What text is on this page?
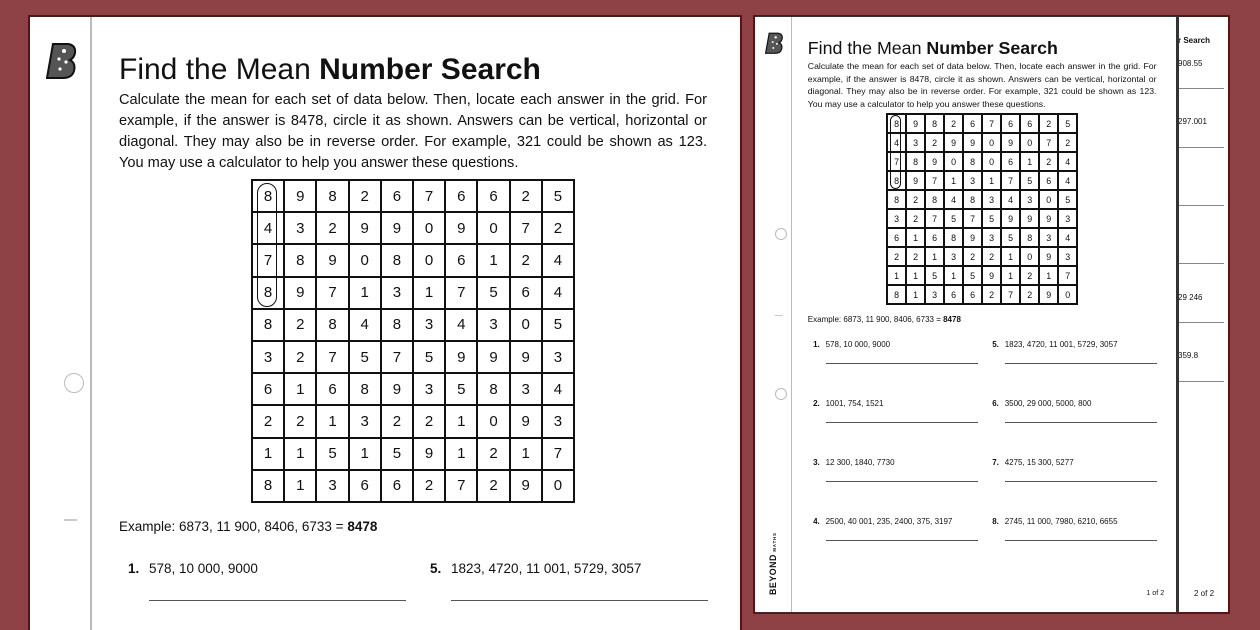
Find the Mean Number Search
Calculate the mean for each set of data below. Then, locate each answer in the grid. For example, if the answer is 8478, circle it as shown. Answers can be vertical, horizontal or diagonal. They may also be in reverse order. For example, 321 could be shown as 123. You may use a calculator to help you answer these questions.
8	9	8	2	6	7	6	6	2	5
4	3	2	9	9	0	9	0	7	2
7	8	9	0	8	0	6	1	2	4
8	9	7	1	3	1	7	5	6	4
8	2	8	4	8	3	4	3	0	5
3	2	7	5	7	5	9	9	9	3
6	1	6	8	9	3	5	8	3	4
2	2	1	3	2	2	1	0	9	3
1	1	5	1	5	9	1	2	1	7
8	1	3	6	6	2	7	2	9	0
Example: 6873, 11 900, 8406, 6733 = 8478
1. 578, 10 000, 9000	5. 1823, 4720, 11 001, 5729, 3057
Find the Mean Number Search
Calculate the mean for each set of data below. Then, locate each answer in the grid. For example, if the answer is 8478, circle it as shown. Answers can be vertical, horizontal or diagonal. They may also be in reverse order. For example, 321 could be shown as 123. You may use a calculator to help you answer these questions.
8	9	8	2	6	7	6	6	2	5
4	3	2	9	9	0	9	0	7	2
7	8	9	0	8	0	6	1	2	4
8	9	7	1	3	1	7	5	6	4
8	2	8	4	8	3	4	3	0	5
3	2	7	5	7	5	9	9	9	3
6	1	6	8	9	3	5	8	3	4
2	2	1	3	2	2	1	0	9	3
1	1	5	1	5	9	1	2	1	7
8	1	3	6	6	2	7	2	9	0
Example: 6873, 11 900, 8406, 6733 = 8478
1. 578, 10 000, 9000
2. 1001, 754, 1521
3. 12 300, 1840, 7730
4. 2500, 40 001, 235, 2400, 375, 3197
5. 1823, 4720, 11 001, 5729, 3057
6. 3500, 29 000, 5000, 800
7. 4275, 15 300, 5277
8. 2745, 11 000, 7980, 6210, 6655
BEYONDMATHS
1 of 2
r Search
908.55
297.001
29 246
359.8
2 of 2
